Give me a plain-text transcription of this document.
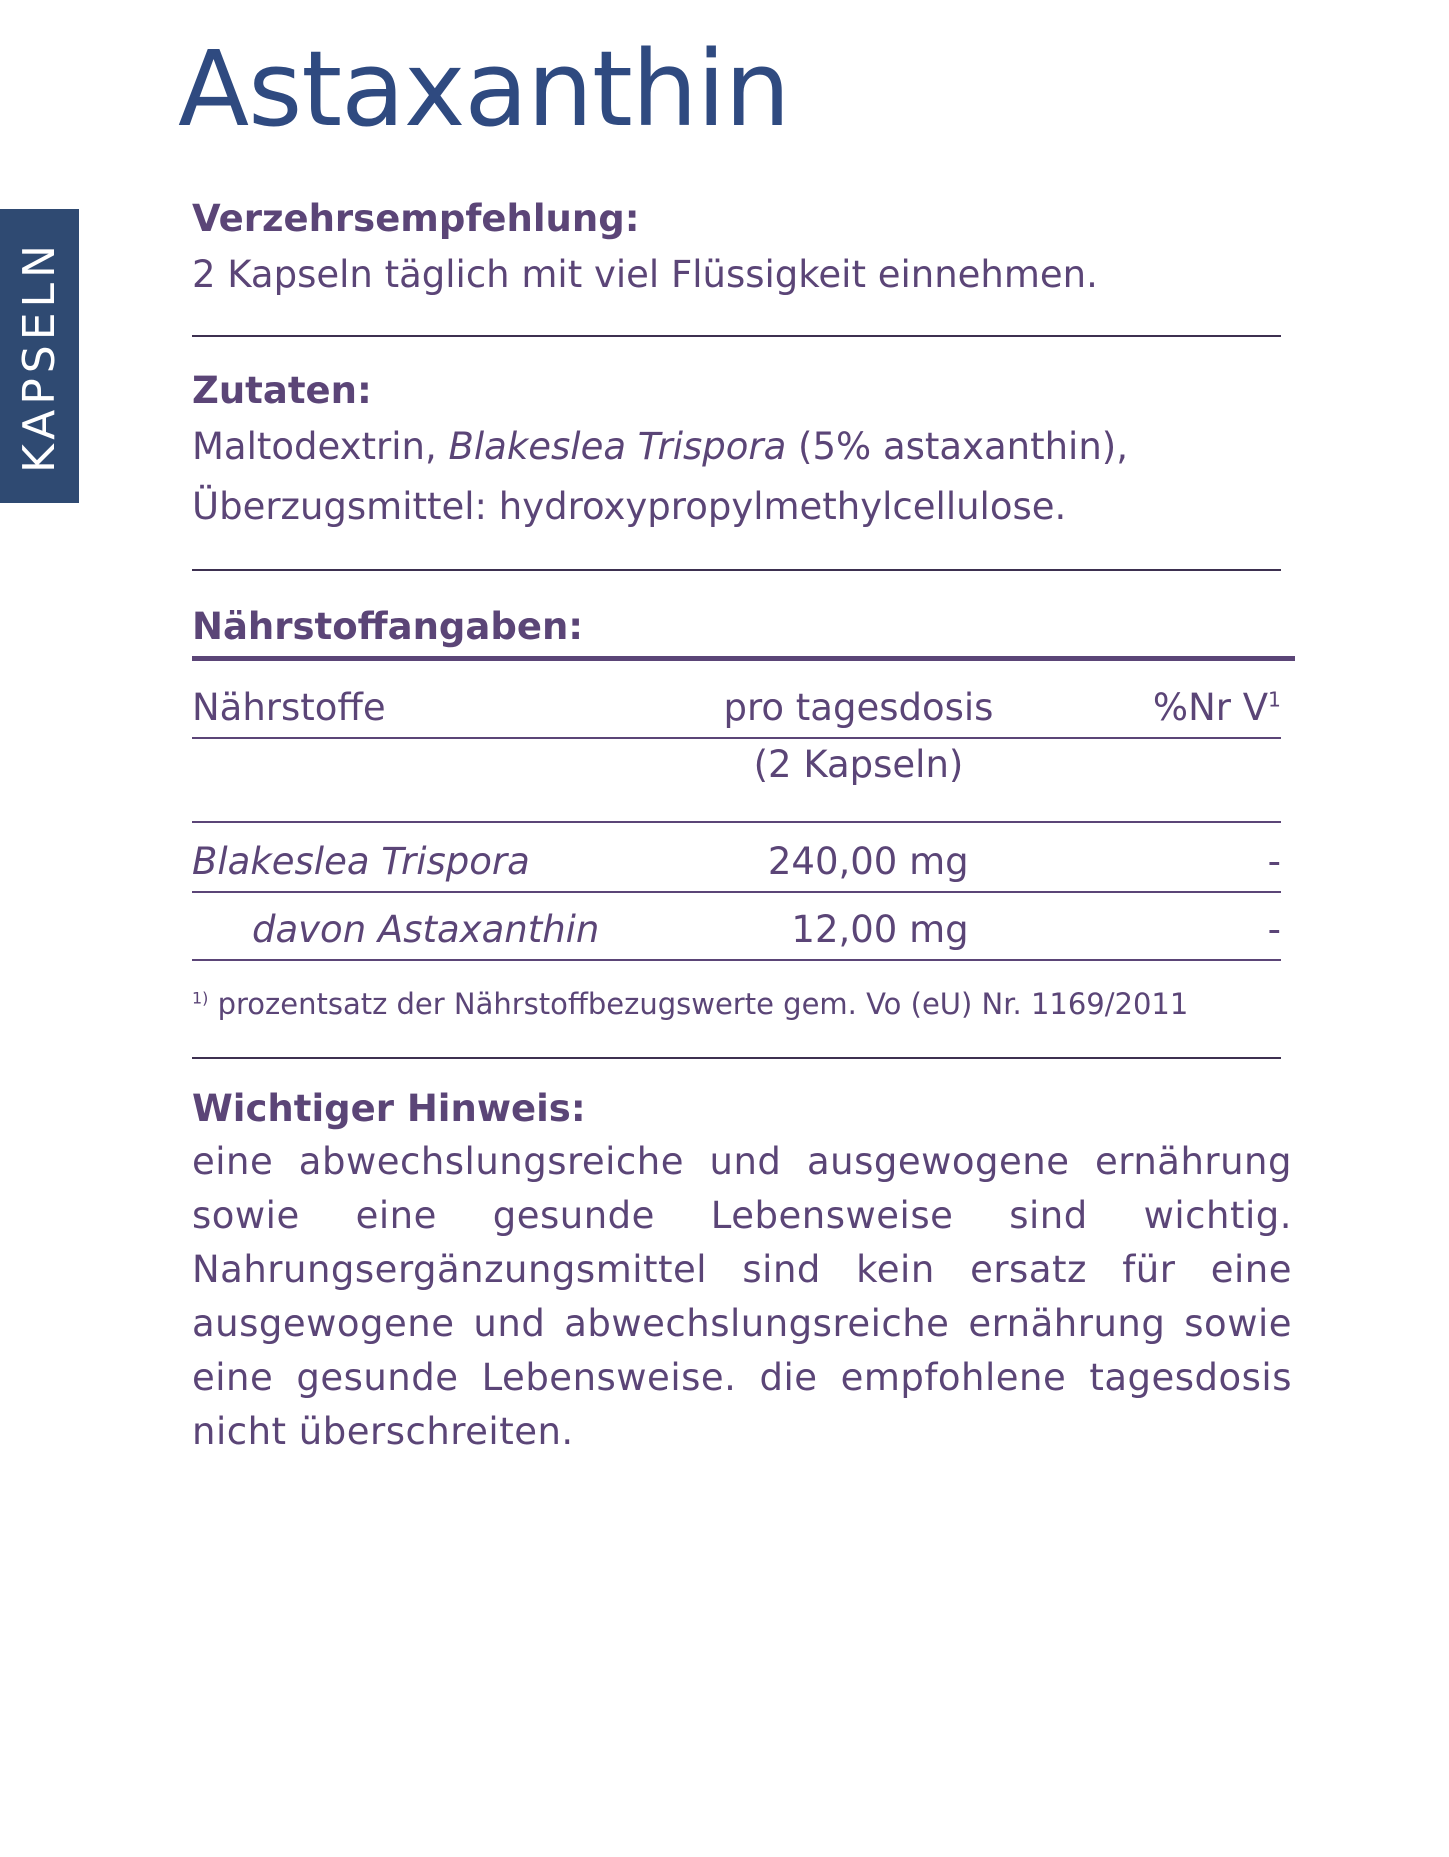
KAPSELN
Astaxanthin
Verzehrsempfehlung:
2 Kapseln täglich mit viel Flüssigkeit einnehmen.
Zutaten:
Maltodextrin, Blakeslea Trispora (5% astaxanthin),
Überzugsmittel: hydroxypropylmethylcellulose.
Nährstoffangaben:
Nährstoffe	pro tagesdosis	%Nr $V^1$
	(2 Kapseln)	
Blakeslea Trispora	240,00 mg	-
davon Astaxanthin	12,00 mg	-
$^{1)}$ prozentsatz der Nährstoffbezugswerte gem. Vo (eU) Nr. 1169/2011
Wichtiger Hinweis:
eine abwechslungsreiche und ausgewogene ernährung sowie eine gesunde Lebensweise sind wichtig. Nahrungsergänzungsmittel sind kein ersatz für eine ausgewogene und abwechslungsreiche ernährung sowie eine gesunde Lebensweise. die empfohlene tagesdosis nicht überschreiten.
